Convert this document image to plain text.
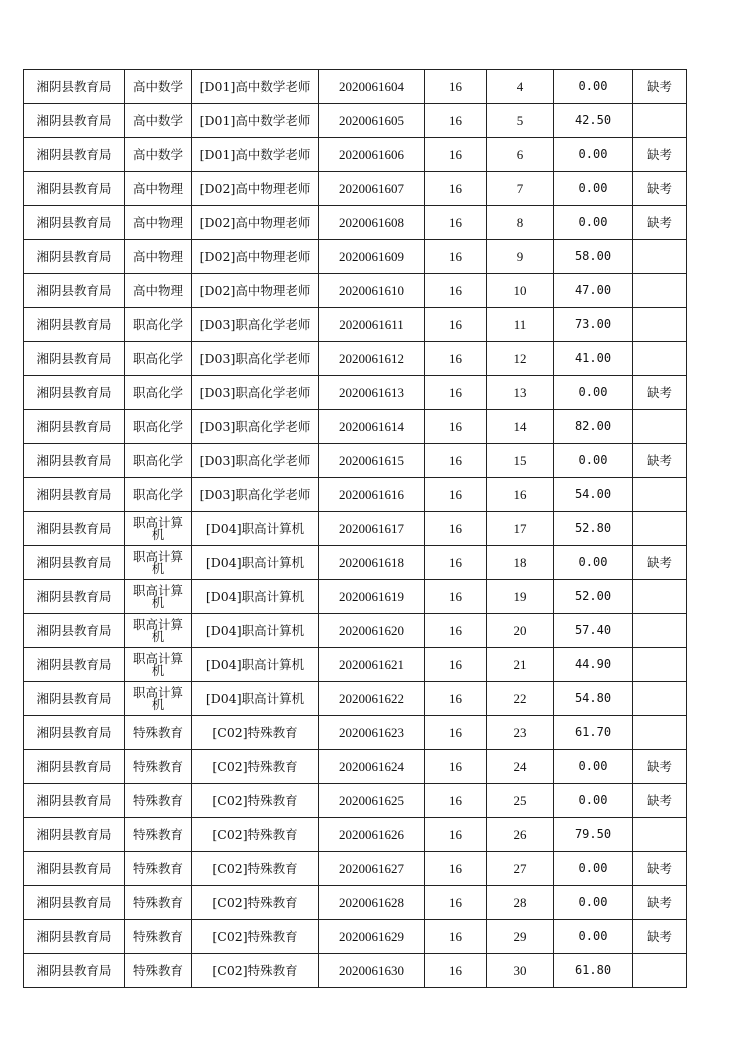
湘阴县教育局	高中数学	[D01]高中数学老师	2020061604	16	4	0.00	缺考
湘阴县教育局	高中数学	[D01]高中数学老师	2020061605	16	5	42.50	
湘阴县教育局	高中数学	[D01]高中数学老师	2020061606	16	6	0.00	缺考
湘阴县教育局	高中物理	[D02]高中物理老师	2020061607	16	7	0.00	缺考
湘阴县教育局	高中物理	[D02]高中物理老师	2020061608	16	8	0.00	缺考
湘阴县教育局	高中物理	[D02]高中物理老师	2020061609	16	9	58.00	
湘阴县教育局	高中物理	[D02]高中物理老师	2020061610	16	10	47.00	
湘阴县教育局	职高化学	[D03]职高化学老师	2020061611	16	11	73.00	
湘阴县教育局	职高化学	[D03]职高化学老师	2020061612	16	12	41.00	
湘阴县教育局	职高化学	[D03]职高化学老师	2020061613	16	13	0.00	缺考
湘阴县教育局	职高化学	[D03]职高化学老师	2020061614	16	14	82.00	
湘阴县教育局	职高化学	[D03]职高化学老师	2020061615	16	15	0.00	缺考
湘阴县教育局	职高化学	[D03]职高化学老师	2020061616	16	16	54.00	
湘阴县教育局	职高计算机	[D04]职高计算机	2020061617	16	17	52.80	
湘阴县教育局	职高计算机	[D04]职高计算机	2020061618	16	18	0.00	缺考
湘阴县教育局	职高计算机	[D04]职高计算机	2020061619	16	19	52.00	
湘阴县教育局	职高计算机	[D04]职高计算机	2020061620	16	20	57.40	
湘阴县教育局	职高计算机	[D04]职高计算机	2020061621	16	21	44.90	
湘阴县教育局	职高计算机	[D04]职高计算机	2020061622	16	22	54.80	
湘阴县教育局	特殊教育	[C02]特殊教育	2020061623	16	23	61.70	
湘阴县教育局	特殊教育	[C02]特殊教育	2020061624	16	24	0.00	缺考
湘阴县教育局	特殊教育	[C02]特殊教育	2020061625	16	25	0.00	缺考
湘阴县教育局	特殊教育	[C02]特殊教育	2020061626	16	26	79.50	
湘阴县教育局	特殊教育	[C02]特殊教育	2020061627	16	27	0.00	缺考
湘阴县教育局	特殊教育	[C02]特殊教育	2020061628	16	28	0.00	缺考
湘阴县教育局	特殊教育	[C02]特殊教育	2020061629	16	29	0.00	缺考
湘阴县教育局	特殊教育	[C02]特殊教育	2020061630	16	30	61.80	
